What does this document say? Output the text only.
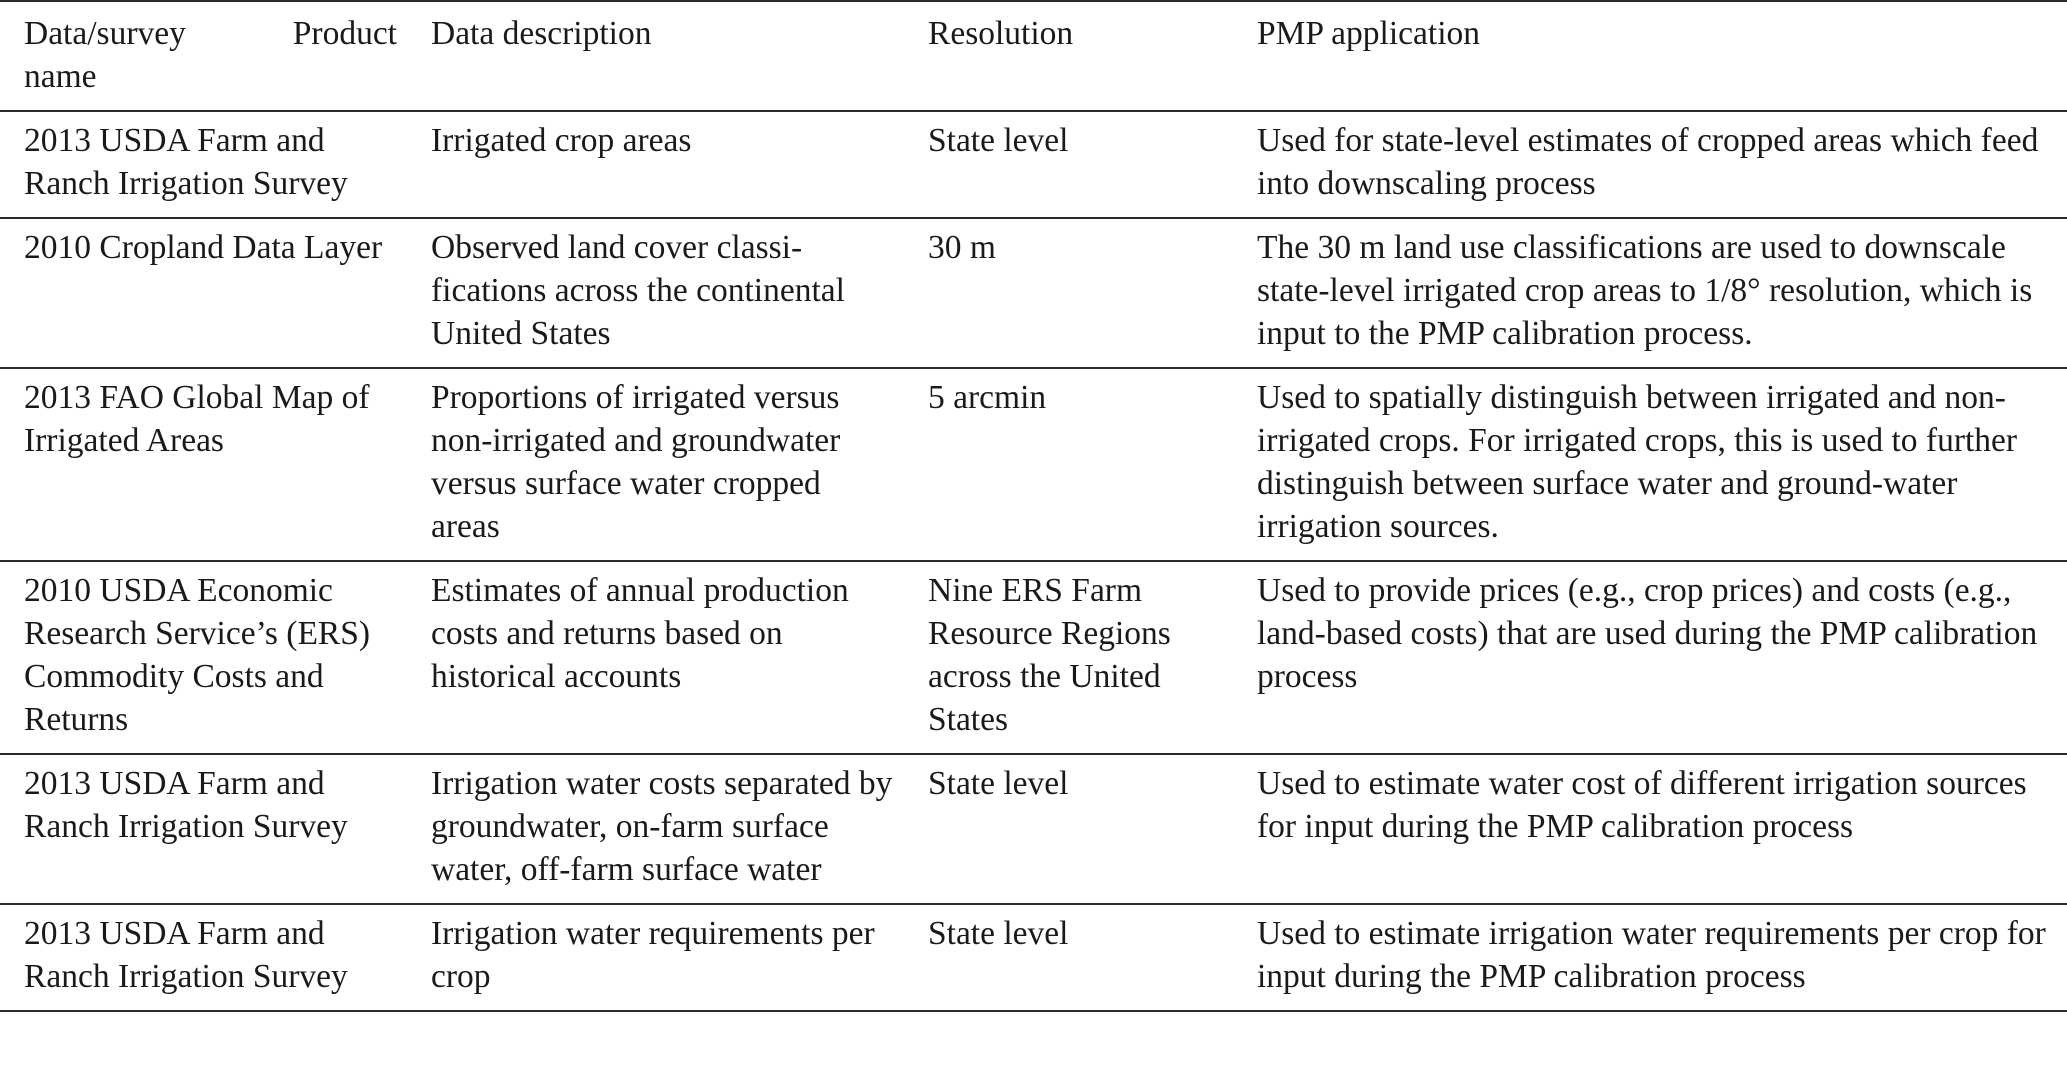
Data/survey Product
name	Data description	Resolution	PMP application
2013 USDA Farm and Ranch Irrigation Survey	Irrigated crop areas	State level	Used for state-level estimates of cropped areas which feed into downscaling process
2010 Cropland Data Layer	Observed land cover classi-fications across the continental United States	30 m	The 30 m land use classifications are used to downscale state-level irrigated crop areas to 1/8° resolution, which is input to the PMP calibration process.
2013 FAO Global Map of Irrigated Areas	Proportions of irrigated versus non-irrigated and groundwater versus surface water cropped areas	5 arcmin	Used to spatially distinguish between irrigated and non-irrigated crops. For irrigated crops, this is used to further distinguish between surface water and ground-water irrigation sources.
2010 USDA Economic Research Service’s (ERS) Commodity Costs and Returns	Estimates of annual production costs and returns based on historical accounts	Nine ERS Farm Resource Regions across the United States	Used to provide prices (e.g., crop prices) and costs (e.g., land-based costs) that are used during the PMP calibration process
2013 USDA Farm and Ranch Irrigation Survey	Irrigation water costs separated by groundwater, on-farm surface water, off-farm surface water	State level	Used to estimate water cost of different irrigation sources for input during the PMP calibration process
2013 USDA Farm and Ranch Irrigation Survey	Irrigation water requirements per crop	State level	Used to estimate irrigation water requirements per crop for input during the PMP calibration process
